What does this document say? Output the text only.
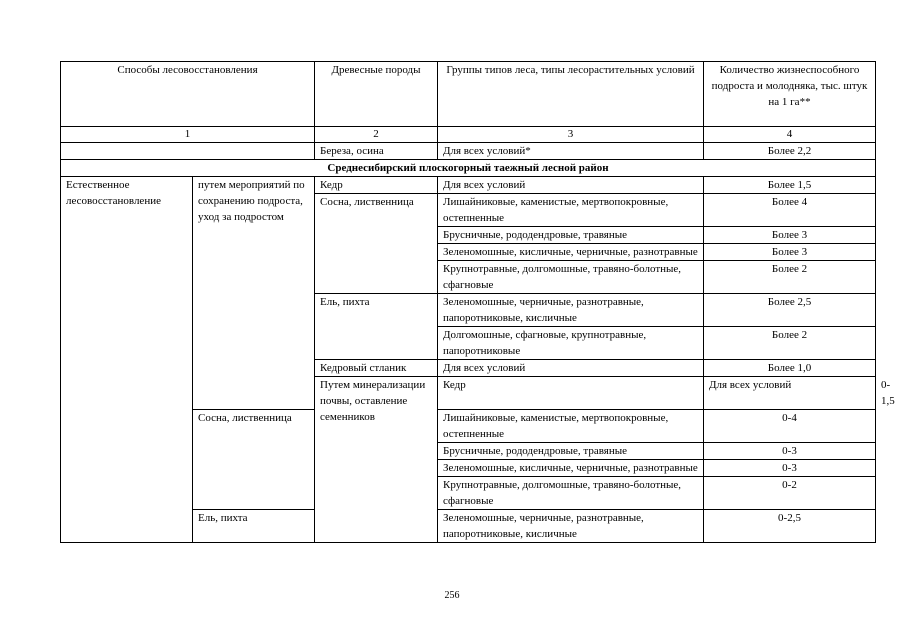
Способы лесовосстановления		Древесные породы	Группы типов леса, типы лесорастительных условий	Количество жизнеспособного подроста и молодняка, тыс. штук на 1 га**	
1		2	3	4	
		Береза, осина	Для всех условий*	Более 2,2	
Среднесибирский плоскогорный таежный лесной район					
Естественное лесовосстановление	путем мероприятий по сохранению подроста, уход за подростом	Кедр	Для всех условий	Более 1,5	
		Сосна, лиственница	Лишайниковые, каменистые, мертвопокровные, остепненные	Более 4	
			Брусничные, рододендровые, травяные	Более 3	
			Зеленомошные, кисличные, черничные, разнотравные	Более 3	
			Крупнотравные, долгомошные, травяно-болотные, сфагновые	Более 2	
		Ель, пихта	Зеленомошные, черничные, разнотравные, папоротниковые, кисличные	Более 2,5	
			Долгомошные, сфагновые, крупнотравные, папоротниковые	Более 2	
		Кедровый стланик	Для всех условий	Более 1,0	
		Путем минерализации почвы, оставление семенников	Кедр	Для всех условий	0-1,5
	Сосна, лиственница		Лишайниковые, каменистые, мертвопокровные, остепненные	0-4	
			Брусничные, рододендровые, травяные	0-3	
			Зеленомошные, кисличные, черничные, разнотравные	0-3	
			Крупнотравные, долгомошные, травяно-болотные, сфагновые	0-2	
	Ель, пихта		Зеленомошные, черничные, разнотравные, папоротниковые, кисличные	0-2,5	
256
